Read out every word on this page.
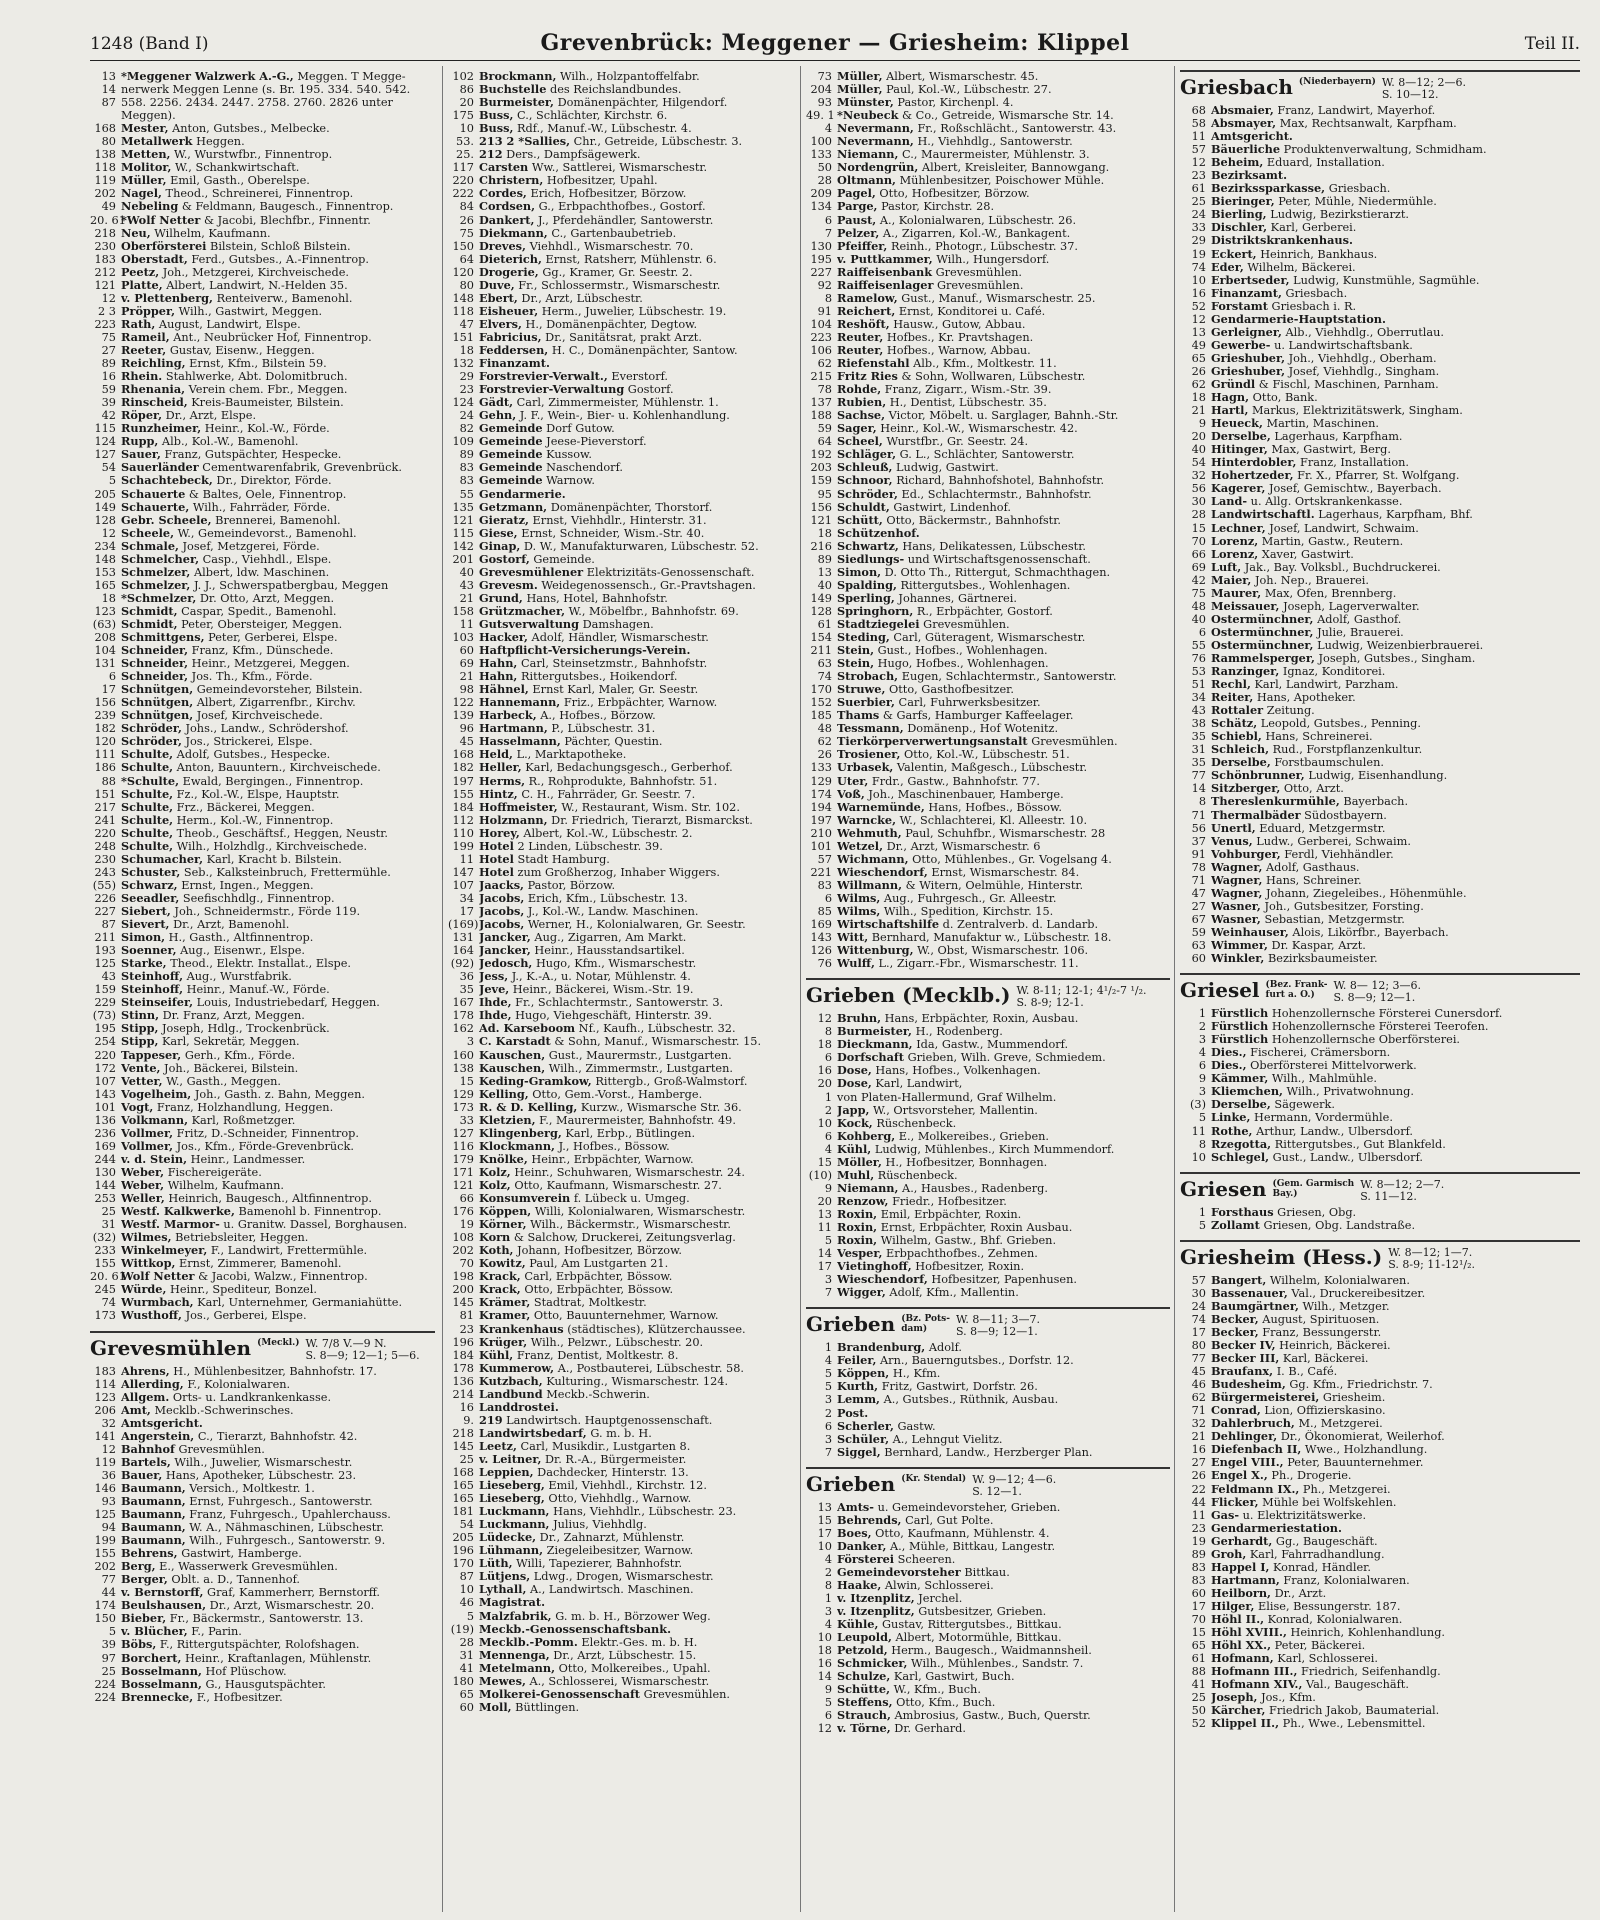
1248 (Band I)	Grevenbrück: Meggener — Griesheim: Klippel	Teil II.
13 *Meggener Walzwerk A.-G., Meggen. T Megge-
14 nerwerk Meggen Lenne (s. Br. 195. 334. 540. 542.
87 558. 2256. 2434. 2447. 2758. 2760. 2826 unter
Meggen).
168 Mester, Anton, Gutsbes., Melbecke.
80 Metallwerk Heggen.
138 Metten, W., Wurstwfbr., Finnentrop.
118 Molitor, W., Schankwirtschaft.
119 Müller, Emil, Gasth., Oberelspe.
202 Nagel, Theod., Schreinerei, Finnentrop.
49 Nebeling & Feldmann, Baugesch., Finnentrop.
20. 61
*Wolf Netter & Jacobi, Blechfbr., Finnentr.
218 Neu, Wilhelm, Kaufmann.
230 Oberförsterei Bilstein, Schloß Bilstein.
183 Oberstadt, Ferd., Gutsbes., A.-Finnentrop.
212 Peetz, Joh., Metzgerei, Kirchveischede.
121 Platte, Albert, Landwirt, N.-Helden 35.
12 v. Plettenberg, Renteiverw., Bamenohl.
2 3 Pröpper, Wilh., Gastwirt, Meggen.
223 Rath, August, Landwirt, Elspe.
75 Rameil, Ant., Neubrücker Hof, Finnentrop.
27 Reeter, Gustav, Eisenw., Heggen.
89 Reichling, Ernst, Kfm., Bilstein 59.
16 Rhein. Stahlwerke, Abt. Dolomitbruch.
59 Rhenania, Verein chem. Fbr., Meggen.
39 Rinscheid, Kreis-Baumeister, Bilstein.
42 Röper, Dr., Arzt, Elspe.
115 Runzheimer, Heinr., Kol.-W., Förde.
124 Rupp, Alb., Kol.-W., Bamenohl.
127 Sauer, Franz, Gutspächter, Hespecke.
54 Sauerländer Cementwarenfabrik, Grevenbrück.
5 Schachtebeck, Dr., Direktor, Förde.
205 Schauerte & Baltes, Oele, Finnentrop.
149 Schauerte, Wilh., Fahrräder, Förde.
128 Gebr. Scheele, Brennerei, Bamenohl.
12 Scheele, W., Gemeindevorst., Bamenohl.
234 Schmale, Josef, Metzgerei, Förde.
148 Schmelcher, Casp., Viehhdl., Elspe.
153 Schmelzer, Albert, ldw. Maschinen.
165 Schmelzer, J. J., Schwerspatbergbau, Meggen
18 *Schmelzer, Dr. Otto, Arzt, Meggen.
123 Schmidt, Caspar, Spedit., Bamenohl.
(63) Schmidt, Peter, Obersteiger, Meggen.
208 Schmittgens, Peter, Gerberei, Elspe.
104 Schneider, Franz, Kfm., Dünschede.
131 Schneider, Heinr., Metzgerei, Meggen.
6 Schneider, Jos. Th., Kfm., Förde.
17 Schnütgen, Gemeindevorsteher, Bilstein.
156 Schnütgen, Albert, Zigarrenfbr., Kirchv.
239 Schnütgen, Josef, Kirchveischede.
182 Schröder, Johs., Landw., Schrödershof.
120 Schröder, Jos., Strickerei, Elspe.
111 Schulte, Adolf, Gutsbes., Hespecke.
186 Schulte, Anton, Bauuntern., Kirchveischede.
88 *Schulte, Ewald, Bergingen., Finnentrop.
151 Schulte, Fz., Kol.-W., Elspe, Hauptstr.
217 Schulte, Frz., Bäckerei, Meggen.
241 Schulte, Herm., Kol.-W., Finnentrop.
220 Schulte, Theob., Geschäftsf., Heggen, Neustr.
248 Schulte, Wilh., Holzhdlg., Kirchveischede.
230 Schumacher, Karl, Kracht b. Bilstein.
243 Schuster, Seb., Kalksteinbruch, Frettermühle.
(55) Schwarz, Ernst, Ingen., Meggen.
226 Seeadler, Seefischhdlg., Finnentrop.
227 Siebert, Joh., Schneidermstr., Förde 119.
87 Sievert, Dr., Arzt, Bamenohl.
211 Simon, H., Gasth., Altfinnentrop.
193 Soenner, Aug., Eisenwr., Elspe.
125 Starke, Theod., Elektr. Installat., Elspe.
43 Steinhoff, Aug., Wurstfabrik.
159 Steinhoff, Heinr., Manuf.-W., Förde.
229 Steinseifer, Louis, Industriebedarf, Heggen.
(73) Stinn, Dr. Franz, Arzt, Meggen.
195 Stipp, Joseph, Hdlg., Trockenbrück.
254 Stipp, Karl, Sekretär, Meggen.
220 Tappeser, Gerh., Kfm., Förde.
172 Vente, Joh., Bäckerei, Bilstein.
107 Vetter, W., Gasth., Meggen.
143 Vogelheim, Joh., Gasth. z. Bahn, Meggen.
101 Vogt, Franz, Holzhandlung, Heggen.
136 Volkmann, Karl, Roßmetzger.
236 Vollmer, Fritz, D.-Schneider, Finnentrop.
169 Vollmer, Jos., Kfm., Förde-Grevenbrück.
244 v. d. Stein, Heinr., Landmesser.
130 Weber, Fischereigeräte.
144 Weber, Wilhelm, Kaufmann.
253 Weller, Heinrich, Baugesch., Altfinnentrop.
25 Westf. Kalkwerke, Bamenohl b. Finnentrop.
31 Westf. Marmor- u. Granitw. Dassel, Borghausen.
(32) Wilmes, Betriebsleiter, Heggen.
233 Winkelmeyer, F., Landwirt, Frettermühle.
155 Wittkop, Ernst, Zimmerer, Bamenohl.
20. 61
Wolf Netter & Jacobi, Walzw., Finnentrop.
245 Würde, Heinr., Spediteur, Bonzel.
74 Wurmbach, Karl, Unternehmer, Germaniahütte.
173 Wusthoff, Jos., Gerberei, Elspe.
Grevesmühlen (Meckl.) W. 7/8 V.—9 N.
S. 8—9; 12—1; 5—6.
183 Ahrens, H., Mühlenbesitzer, Bahnhofstr. 17.
114 Allerding, F., Kolonialwaren.
123 Allgem. Orts- u. Landkrankenkasse.
206 Amt, Mecklb.-Schwerinsches.
32 Amtsgericht.
141 Angerstein, C., Tierarzt, Bahnhofstr. 42.
12 Bahnhof Grevesmühlen.
119 Bartels, Wilh., Juwelier, Wismarschestr.
36 Bauer, Hans, Apotheker, Lübschestr. 23.
146 Baumann, Versich., Moltkestr. 1.
93 Baumann, Ernst, Fuhrgesch., Santowerstr.
125 Baumann, Franz, Fuhrgesch., Upahlerchauss.
94 Baumann, W. A., Nähmaschinen, Lübschestr.
199 Baumann, Wilh., Fuhrgesch., Santowerstr. 9.
155 Behrens, Gastwirt, Hamberge.
202 Berg, E., Wasserwerk Grevesmühlen.
77 Berger, Oblt. a. D., Tannenhof.
44 v. Bernstorff, Graf, Kammerherr, Bernstorff.
174 Beulshausen, Dr., Arzt, Wismarschestr. 20.
150 Bieber, Fr., Bäckermstr., Santowerstr. 13.
5 v. Blücher, F., Parin.
39 Böbs, F., Rittergutspächter, Rolofshagen.
97 Borchert, Heinr., Kraftanlagen, Mühlenstr.
25 Bosselmann, Hof Plüschow.
224 Bosselmann, G., Hausgutspächter.
224 Brennecke, F., Hofbesitzer.
102 Brockmann, Wilh., Holzpantoffelfabr.
86 Buchstelle des Reichslandbundes.
20 Burmeister, Domänenpächter, Hilgendorf.
175 Buss, C., Schlächter, Kirchstr. 6.
10 Buss, Rdf., Manuf.-W., Lübschestr. 4.
53. 213 2 *Sallies, Chr., Getreide, Lübschestr. 3.
25. 212 Ders., Dampfsägewerk.
117 Carsten Ww., Sattlerei, Wismarschestr.
220 Christern, Hofbesitzer, Upahl.
222 Cordes, Erich, Hofbesitzer, Börzow.
84 Cordsen, G., Erbpachthofbes., Gostorf.
26 Dankert, J., Pferdehändler, Santowerstr.
75 Diekmann, C., Gartenbaubetrieb.
150 Dreves, Viehhdl., Wismarschestr. 70.
64 Dieterich, Ernst, Ratsherr, Mühlenstr. 6.
120 Drogerie, Gg., Kramer, Gr. Seestr. 2.
80 Duve, Fr., Schlossermstr., Wismarschestr.
148 Ebert, Dr., Arzt, Lübschestr.
118 Eisheuer, Herm., Juwelier, Lübschestr. 19.
47 Elvers, H., Domänenpächter, Degtow.
151 Fabricius, Dr., Sanitätsrat, prakt Arzt.
18 Feddersen, H. C., Domänenpächter, Santow.
132 Finanzamt.
29 Forstrevier-Verwalt., Everstorf.
23 Forstrevier-Verwaltung Gostorf.
124 Gädt, Carl, Zimmermeister, Mühlenstr. 1.
24 Gehn, J. F., Wein-, Bier- u. Kohlenhandlung.
82 Gemeinde Dorf Gutow.
109 Gemeinde Jeese-Pieverstorf.
89 Gemeinde Kussow.
83 Gemeinde Naschendorf.
83 Gemeinde Warnow.
55 Gendarmerie.
135 Getzmann, Domänenpächter, Thorstorf.
121 Gieratz, Ernst, Viehhdlr., Hinterstr. 31.
115 Giese, Ernst, Schneider, Wism.-Str. 40.
142 Ginap, D. W., Manufakturwaren, Lübschestr. 52.
201 Gostorf, Gemeinde.
40 Grevesmühlener Elektrizitäts-Genossenschaft.
43 Grevesm. Weidegenossensch., Gr.-Pravtshagen.
21 Grund, Hans, Hotel, Bahnhofstr.
158 Grützmacher, W., Möbelfbr., Bahnhofstr. 69.
11 Gutsverwaltung Damshagen.
103 Hacker, Adolf, Händler, Wismarschestr.
60 Haftpflicht-Versicherungs-Verein.
69 Hahn, Carl, Steinsetzmstr., Bahnhofstr.
21 Hahn, Rittergutsbes., Hoikendorf.
98 Hähnel, Ernst Karl, Maler, Gr. Seestr.
122 Hannemann, Friz., Erbpächter, Warnow.
139 Harbeck, A., Hofbes., Börzow.
96 Hartmann, P., Lübschestr. 31.
45 Hasselmann, Pächter, Questin.
168 Held, L., Marktapotheke.
182 Heller, Karl, Bedachungsgesch., Gerberhof.
197 Herms, R., Rohprodukte, Bahnhofstr. 51.
155 Hintz, C. H., Fahrräder, Gr. Seestr. 7.
184 Hoffmeister, W., Restaurant, Wism. Str. 102.
112 Holzmann, Dr. Friedrich, Tierarzt, Bismarckst.
110 Horey, Albert, Kol.-W., Lübschestr. 2.
199 Hotel 2 Linden, Lübschestr. 39.
11 Hotel Stadt Hamburg.
147 Hotel zum Großherzog, Inhaber Wiggers.
107 Jaacks, Pastor, Börzow.
34 Jacobs, Erich, Kfm., Lübschestr. 13.
17 Jacobs, J., Kol.-W., Landw. Maschinen.
(169) Jacobs, Werner, H., Kolonialwaren, Gr. Seestr.
131 Jancker, Aug., Zigarren, Am Markt.
164 Jancker, Heinr., Hausstandsartikel.
(92) Jedosch, Hugo, Kfm., Wismarschestr.
36 Jess, J., K.-A., u. Notar, Mühlenstr. 4.
35 Jeve, Heinr., Bäckerei, Wism.-Str. 19.
167 Ihde, Fr., Schlachtermstr., Santowerstr. 3.
178 Ihde, Hugo, Viehgeschäft, Hinterstr. 39.
162 Ad. Karseboom Nf., Kaufh., Lübschestr. 32.
3 C. Karstadt & Sohn, Manuf., Wismarschestr. 15.
160 Kauschen, Gust., Maurermstr., Lustgarten.
138 Kauschen, Wilh., Zimmermstr., Lustgarten.
15 Keding-Gramkow, Rittergb., Groß-Walmstorf.
129 Kelling, Otto, Gem.-Vorst., Hamberge.
173 R. & D. Kelling, Kurzw., Wismarsche Str. 36.
33 Kletzien, F., Maurermeister, Bahnhofstr. 49.
127 Klingenberg, Karl, Erbp., Bütlingen.
116 Klockmann, J., Hofbes., Bössow.
179 Knölke, Heinr., Erbpächter, Warnow.
171 Kolz, Heinr., Schuhwaren, Wismarschestr. 24.
121 Kolz, Otto, Kaufmann, Wismarschestr. 27.
66 Konsumverein f. Lübeck u. Umgeg.
176 Köppen, Willi, Kolonialwaren, Wismarschestr.
19 Körner, Wilh., Bäckermstr., Wismarschestr.
108 Korn & Salchow, Druckerei, Zeitungsverlag.
202 Koth, Johann, Hofbesitzer, Börzow.
70 Kowitz, Paul, Am Lustgarten 21.
198 Krack, Carl, Erbpächter, Bössow.
200 Krack, Otto, Erbpächter, Bössow.
145 Krämer, Stadtrat, Moltkestr.
81 Kramer, Otto, Bauunternehmer, Warnow.
23 Krankenhaus (städtisches), Klützerchaussee.
196 Krüger, Wilh., Pelzwr., Lübschestr. 20.
184 Kühl, Franz, Dentist, Moltkestr. 8.
178 Kummerow, A., Postbauterei, Lübschestr. 58.
136 Kutzbach, Kulturing., Wismarschestr. 124.
214 Landbund Meckb.-Schwerin.
16 Landdrostei.
9. 219 Landwirtsch. Hauptgenossenschaft.
218 Landwirtsbedarf, G. m. b. H.
145 Leetz, Carl, Musikdir., Lustgarten 8.
25 v. Leitner, Dr. R.-A., Bürgermeister.
168 Leppien, Dachdecker, Hinterstr. 13.
165 Lieseberg, Emil, Viehhdl., Kirchstr. 12.
165 Lieseberg, Otto, Viehhdlg., Warnow.
181 Luckmann, Hans, Viehhdlr., Lübschestr. 23.
54 Luckmann, Julius, Viehhdlg.
205 Lüdecke, Dr., Zahnarzt, Mühlenstr.
196 Lühmann, Ziegeleibesitzer, Warnow.
170 Lüth, Willi, Tapezierer, Bahnhofstr.
87 Lütjens, Ldwg., Drogen, Wismarschestr.
10 Lythall, A., Landwirtsch. Maschinen.
46 Magistrat.
5 Malzfabrik, G. m. b. H., Börzower Weg.
(19) Meckb.-Genossenschaftsbank.
28 Mecklb.-Pomm. Elektr.-Ges. m. b. H.
31 Mennenga, Dr., Arzt, Lübschestr. 15.
41 Metelmann, Otto, Molkereibes., Upahl.
180 Mewes, A., Schlosserei, Wismarschestr.
65 Molkerei-Genossenschaft Grevesmühlen.
60 Moll, Büttlingen.
73 Müller, Albert, Wismarschestr. 45.
204 Müller, Paul, Kol.-W., Lübschestr. 27.
93 Münster, Pastor, Kirchenpl. 4.
49. 1 *Neubeck & Co., Getreide, Wismarsche Str. 14.
4 Nevermann, Fr., Roßschlächt., Santowerstr. 43.
100 Nevermann, H., Viehhdlg., Santowerstr.
133 Niemann, C., Maurermeister, Mühlenstr. 3.
50 Nordengrün, Albert, Kreisleiter, Bannowgang.
28 Oltmann, Mühlenbesitzer, Poischower Mühle.
209 Pagel, Otto, Hofbesitzer, Börzow.
134 Parge, Pastor, Kirchstr. 28.
6 Paust, A., Kolonialwaren, Lübschestr. 26.
7 Pelzer, A., Zigarren, Kol.-W., Bankagent.
130 Pfeiffer, Reinh., Photogr., Lübschestr. 37.
195 v. Puttkammer, Wilh., Hungersdorf.
227 Raiffeisenbank Grevesmühlen.
92 Raiffeisenlager Grevesmühlen.
8 Ramelow, Gust., Manuf., Wismarschestr. 25.
91 Reichert, Ernst, Konditorei u. Café.
104 Reshöft, Hausw., Gutow, Abbau.
223 Reuter, Hofbes., Kr. Pravtshagen.
106 Reuter, Hofbes., Warnow, Abbau.
62 Riefenstahl Alb., Kfm., Moltkestr. 11.
215 Fritz Ries & Sohn, Wollwaren, Lübschestr.
78 Rohde, Franz, Zigarr., Wism.-Str. 39.
137 Rubien, H., Dentist, Lübschestr. 35.
188 Sachse, Victor, Möbelt. u. Sarglager, Bahnh.-Str.
59 Sager, Heinr., Kol.-W., Wismarschestr. 42.
64 Scheel, Wurstfbr., Gr. Seestr. 24.
192 Schläger, G. L., Schlächter, Santowerstr.
203 Schleuß, Ludwig, Gastwirt.
159 Schnoor, Richard, Bahnhofshotel, Bahnhofstr.
95 Schröder, Ed., Schlachtermstr., Bahnhofstr.
156 Schuldt, Gastwirt, Lindenhof.
121 Schütt, Otto, Bäckermstr., Bahnhofstr.
18 Schützenhof.
216 Schwartz, Hans, Delikatessen, Lübschestr.
89 Siedlungs- und Wirtschaftsgenossenschaft.
13 Simon, D. Otto Th., Rittergut, Schmachthagen.
40 Spalding, Rittergutsbes., Wohlenhagen.
149 Sperling, Johannes, Gärtnerei.
128 Springhorn, R., Erbpächter, Gostorf.
61 Stadtziegelei Grevesmühlen.
154 Steding, Carl, Güteragent, Wismarschestr.
211 Stein, Gust., Hofbes., Wohlenhagen.
63 Stein, Hugo, Hofbes., Wohlenhagen.
74 Strobach, Eugen, Schlachtermstr., Santowerstr.
170 Struwe, Otto, Gasthofbesitzer.
152 Suerbier, Carl, Fuhrwerksbesitzer.
185 Thams & Garfs, Hamburger Kaffeelager.
48 Tessmann, Domänenp., Hof Wotenitz.
62 Tierkörperverwertungsanstalt Grevesmühlen.
26 Trosiener, Otto, Kol.-W., Lübschestr. 51.
133 Urbasek, Valentin, Maßgesch., Lübschestr.
129 Uter, Frdr., Gastw., Bahnhofstr. 77.
174 Voß, Joh., Maschinenbauer, Hamberge.
194 Warnemünde, Hans, Hofbes., Bössow.
197 Warncke, W., Schlachterei, Kl. Alleestr. 10.
210 Wehmuth, Paul, Schuhfbr., Wismarschestr. 28
101 Wetzel, Dr., Arzt, Wismarschestr. 6
57 Wichmann, Otto, Mühlenbes., Gr. Vogelsang 4.
221 Wieschendorf, Ernst, Wismarschestr. 84.
83 Willmann, & Witern, Oelmühle, Hinterstr.
6 Wilms, Aug., Fuhrgesch., Gr. Alleestr.
85 Wilms, Wilh., Spedition, Kirchstr. 15.
169 Wirtschaftshilfe d. Zentralverb. d. Landarb.
143 Witt, Bernhard, Manufaktur w., Lübschestr. 18.
126 Wittenburg, W., Obst, Wismarschestr. 106.
76 Wulff, L., Zigarr.-Fbr., Wismarschestr. 11.
Grieben (Mecklb.) W. 8-11; 12-1; 4¹/₂-7 ¹/₂.
S. 8-9; 12-1.
12 Bruhn, Hans, Erbpächter, Roxin, Ausbau.
8 Burmeister, H., Rodenberg.
18 Dieckmann, Ida, Gastw., Mummendorf.
6 Dorfschaft Grieben, Wilh. Greve, Schmiedem.
16 Dose, Hans, Hofbes., Volkenhagen.
20 Dose, Karl, Landwirt,
1 von Platen-Hallermund, Graf Wilhelm.
2 Japp, W., Ortsvorsteher, Mallentin.
10 Kock, Rüschenbeck.
6 Kohberg, E., Molkereibes., Grieben.
4 Kühl, Ludwig, Mühlenbes., Kirch Mummendorf.
15 Möller, H., Hofbesitzer, Bonnhagen.
(10) Muhl, Rüschenbeck.
9 Niemann, A., Hausbes., Radenberg.
20 Renzow, Friedr., Hofbesitzer.
13 Roxin, Emil, Erbpächter, Roxin.
11 Roxin, Ernst, Erbpächter, Roxin Ausbau.
5 Roxin, Wilhelm, Gastw., Bhf. Grieben.
14 Vesper, Erbpachthofbes., Zehmen.
17 Vietinghoff, Hofbesitzer, Roxin.
3 Wieschendorf, Hofbesitzer, Papenhusen.
7 Wigger, Adolf, Kfm., Mallentin.
Grieben (Bz. Pots-
dam)
W. 8—11; 3—7.
S. 8—9; 12—1.
1 Brandenburg, Adolf.
4 Feiler, Arn., Bauerngutsbes., Dorfstr. 12.
5 Köppen, H., Kfm.
5 Kurth, Fritz, Gastwirt, Dorfstr. 26.
3 Lemm, A., Gutsbes., Rüthnik, Ausbau.
2 Post.
6 Scherler, Gastw.
3 Schüler, A., Lehngut Vielitz.
7 Siggel, Bernhard, Landw., Herzberger Plan.
Grieben (Kr. Stendal) W. 9—12; 4—6.
S. 12—1.
13 Amts- u. Gemeindevorsteher, Grieben.
15 Behrends, Carl, Gut Polte.
17 Boes, Otto, Kaufmann, Mühlenstr. 4.
10 Danker, A., Mühle, Bittkau, Langestr.
4 Försterei Scheeren.
2 Gemeindevorsteher Bittkau.
8 Haake, Alwin, Schlosserei.
1 v. Itzenplitz, Jerchel.
3 v. Itzenplitz, Gutsbesitzer, Grieben.
4 Kühle, Gustav, Rittergutsbes., Bittkau.
10 Leupold, Albert, Motormühle, Bittkau.
18 Petzold, Herm., Baugesch., Waidmannsheil.
16 Schmicker, Wilh., Mühlenbes., Sandstr. 7.
14 Schulze, Karl, Gastwirt, Buch.
9 Schütte, W., Kfm., Buch.
5 Steffens, Otto, Kfm., Buch.
6 Strauch, Ambrosius, Gastw., Buch, Querstr.
12 v. Törne, Dr. Gerhard.
Griesbach (Niederbayern) W. 8—12; 2—6.
S. 10—12.
68 Absmaier, Franz, Landwirt, Mayerhof.
58 Absmayer, Max, Rechtsanwalt, Karpfham.
11 Amtsgericht.
57 Bäuerliche Produktenverwaltung, Schmidham.
12 Beheim, Eduard, Installation.
23 Bezirksamt.
61 Bezirkssparkasse, Griesbach.
25 Bieringer, Peter, Mühle, Niedermühle.
24 Bierling, Ludwig, Bezirkstierarzt.
33 Dischler, Karl, Gerberei.
29 Distriktskrankenhaus.
19 Eckert, Heinrich, Bankhaus.
74 Eder, Wilhelm, Bäckerei.
10 Erbertseder, Ludwig, Kunstmühle, Sagmühle.
16 Finanzamt, Griesbach.
52 Forstamt Griesbach i. R.
12 Gendarmerie-Hauptstation.
13 Gerleigner, Alb., Viehhdlg., Oberrutlau.
49 Gewerbe- u. Landwirtschaftsbank.
65 Grieshuber, Joh., Viehhdlg., Oberham.
26 Grieshuber, Josef, Viehhdlg., Singham.
62 Gründl & Fischl, Maschinen, Parnham.
18 Hagn, Otto, Bank.
21 Hartl, Markus, Elektrizitätswerk, Singham.
9 Heueck, Martin, Maschinen.
20 Derselbe, Lagerhaus, Karpfham.
40 Hitinger, Max, Gastwirt, Berg.
54 Hinterdobler, Franz, Installation.
32 Hohertzeder, Fr. X., Pfarrer, St. Wolfgang.
56 Kagerer, Josef, Gemischtw., Bayerbach.
30 Land- u. Allg. Ortskrankenkasse.
28 Landwirtschaftl. Lagerhaus, Karpfham, Bhf.
15 Lechner, Josef, Landwirt, Schwaim.
70 Lorenz, Martin, Gastw., Reutern.
66 Lorenz, Xaver, Gastwirt.
69 Luft, Jak., Bay. Volksbl., Buchdruckerei.
42 Maier, Joh. Nep., Brauerei.
75 Maurer, Max, Ofen, Brennberg.
48 Meissauer, Joseph, Lagerverwalter.
40 Ostermünchner, Adolf, Gasthof.
6 Ostermünchner, Julie, Brauerei.
55 Ostermünchner, Ludwig, Weizenbierbrauerei.
76 Rammelsperger, Joseph, Gutsbes., Singham.
53 Ranzinger, Ignaz, Konditorei.
51 Rechl, Karl, Landwirt, Parzham.
34 Reiter, Hans, Apotheker.
43 Rottaler Zeitung.
38 Schätz, Leopold, Gutsbes., Penning.
35 Schiebl, Hans, Schreinerei.
31 Schleich, Rud., Forstpflanzenkultur.
35 Derselbe, Forstbaumschulen.
77 Schönbrunner, Ludwig, Eisenhandlung.
14 Sitzberger, Otto, Arzt.
8 Thereslenkurmühle, Bayerbach.
71 Thermalbäder Südostbayern.
56 Unertl, Eduard, Metzgermstr.
37 Venus, Ludw., Gerberei, Schwaim.
91 Vohburger, Ferdl, Viehhändler.
78 Wagner, Adolf, Gasthaus.
71 Wagner, Hans, Schreiner.
47 Wagner, Johann, Ziegeleibes., Höhenmühle.
27 Wasner, Joh., Gutsbesitzer, Forsting.
67 Wasner, Sebastian, Metzgermstr.
59 Weinhauser, Alois, Likörfbr., Bayerbach.
63 Wimmer, Dr. Kaspar, Arzt.
60 Winkler, Bezirksbaumeister.
Griesel (Bez. Frank-
furt a. O.)
W. 8— 12; 3—6.
S. 8—9; 12—1.
1 Fürstlich Hohenzollernsche Försterei Cunersdorf.
2 Fürstlich Hohenzollernsche Försterei Teerofen.
3 Fürstlich Hohenzollernsche Oberförsterei.
4 Dies., Fischerei, Crämersborn.
6 Dies., Oberförsterei Mittelvorwerk.
9 Kämmer, Wilh., Mahlmühle.
3 Kliemchen, Wilh., Privatwohnung.
(3) Derselbe, Sägewerk.
5 Linke, Hermann, Vordermühle.
11 Rothe, Arthur, Landw., Ulbersdorf.
8 Rzegotta, Rittergutsbes., Gut Blankfeld.
10 Schlegel, Gust., Landw., Ulbersdorf.
Griesen (Gem. Garmisch
Bay.)
W. 8—12; 2—7.
S. 11—12.
1 Forsthaus Griesen, Obg.
5 Zollamt Griesen, Obg. Landstraße.
Griesheim (Hess.) W. 8—12; 1—7.
S. 8-9; 11-12¹/₂.
57 Bangert, Wilhelm, Kolonialwaren.
30 Bassenauer, Val., Druckereibesitzer.
24 Baumgärtner, Wilh., Metzger.
74 Becker, August, Spirituosen.
17 Becker, Franz, Bessungerstr.
80 Becker IV, Heinrich, Bäckerei.
77 Becker III, Karl, Bäckerei.
45 Braufanx, I. B., Café.
46 Budesheim, Gg. Kfm., Friedrichstr. 7.
62 Bürgermeisterei, Griesheim.
71 Conrad, Lion, Offizierskasino.
32 Dahlerbruch, M., Metzgerei.
21 Dehlinger, Dr., Ökonomierat, Weilerhof.
16 Diefenbach II, Wwe., Holzhandlung.
27 Engel VIII., Peter, Bauunternehmer.
26 Engel X., Ph., Drogerie.
22 Feldmann IX., Ph., Metzgerei.
44 Flicker, Mühle bei Wolfskehlen.
11 Gas- u. Elektrizitätswerke.
23 Gendarmeriestation.
19 Gerhardt, Gg., Baugeschäft.
89 Groh, Karl, Fahrradhandlung.
83 Happel I, Konrad, Händler.
83 Hartmann, Franz, Kolonialwaren.
60 Heilborn, Dr., Arzt.
17 Hilger, Elise, Bessungerstr. 187.
70 Höhl II., Konrad, Kolonialwaren.
15 Höhl XVIII., Heinrich, Kohlenhandlung.
65 Höhl XX., Peter, Bäckerei.
61 Hofmann, Karl, Schlosserei.
88 Hofmann III., Friedrich, Seifenhandlg.
41 Hofmann XIV., Val., Baugeschäft.
25 Joseph, Jos., Kfm.
50 Kärcher, Friedrich Jakob, Baumaterial.
52 Klippel II., Ph., Wwe., Lebensmittel.
